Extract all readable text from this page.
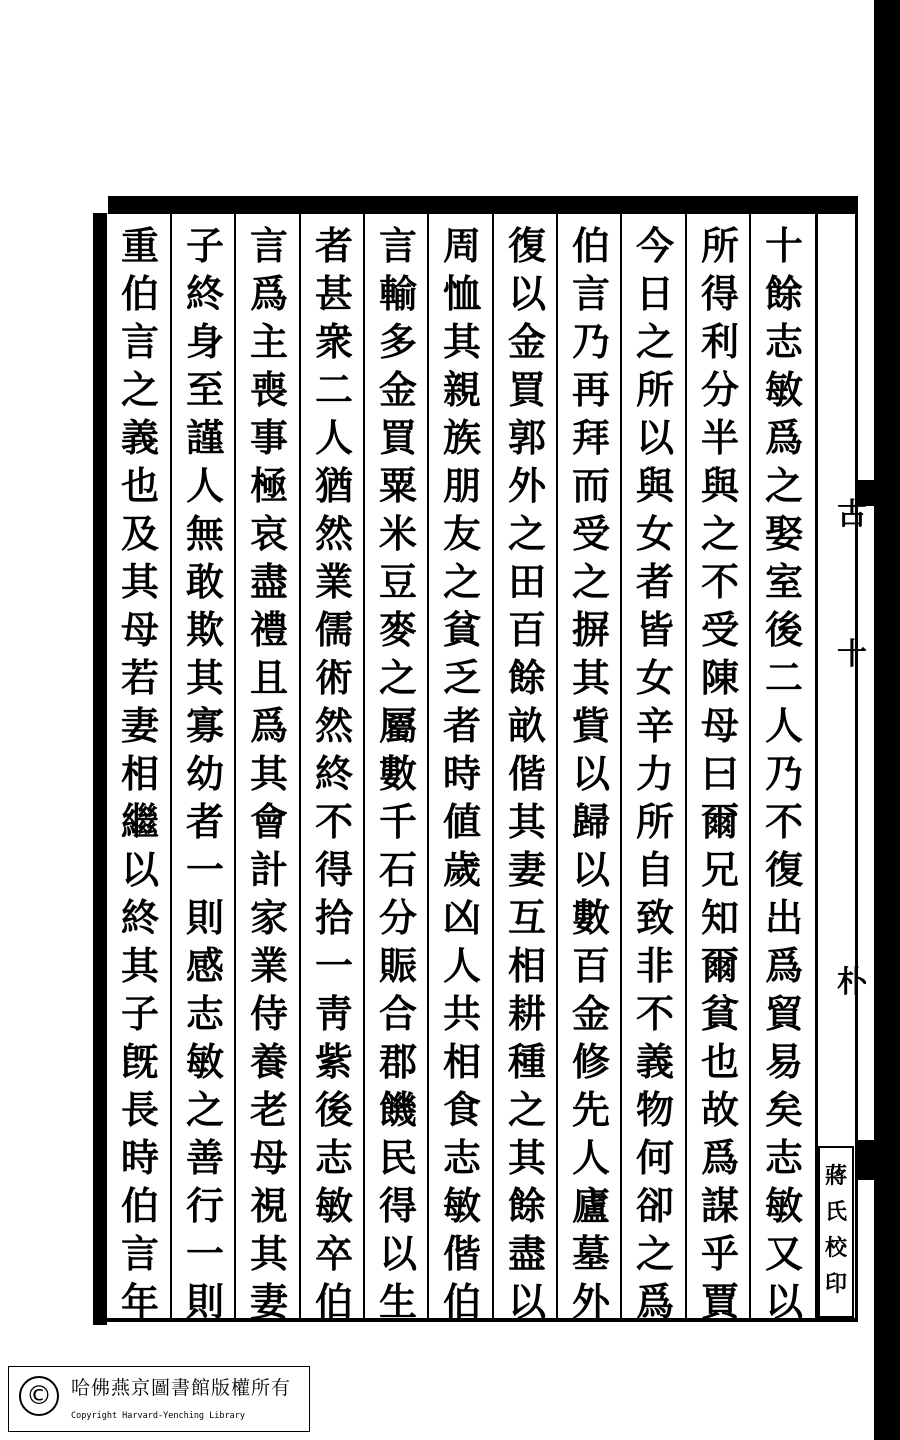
古
十
朴
十餘志敏爲之娶室後二人乃不復出爲貿易矣志敏又以
所得利分半與之不受陳母曰爾兄知爾貧也故爲謀乎賈
今日之所以與女者皆女辛力所自致非不義物何卻之爲
伯言乃再拜而受之摒其貲以歸以數百金修先人廬墓外
復以金買郭外之田百餘畝偕其妻互相耕種之其餘盡以
周恤其親族朋友之貧乏者時値歲凶人共相食志敏偕伯
言輸多金買粟米豆麥之屬數千石分賑合郡饑民得以生
者甚衆二人猶然業儒術然終不得拾一靑紫後志敏卒伯
言爲主喪事極哀盡禮且爲其會計家業侍養老母視其妻
子終身至謹人無敢欺其寡幼者一則感志敏之善行一則
重伯言之義也及其母若妻相繼以終其子旣長時伯言年
蔣氏校印
©	哈佛燕京圖書館版權所有
Copyright Harvard-Yenching Library
